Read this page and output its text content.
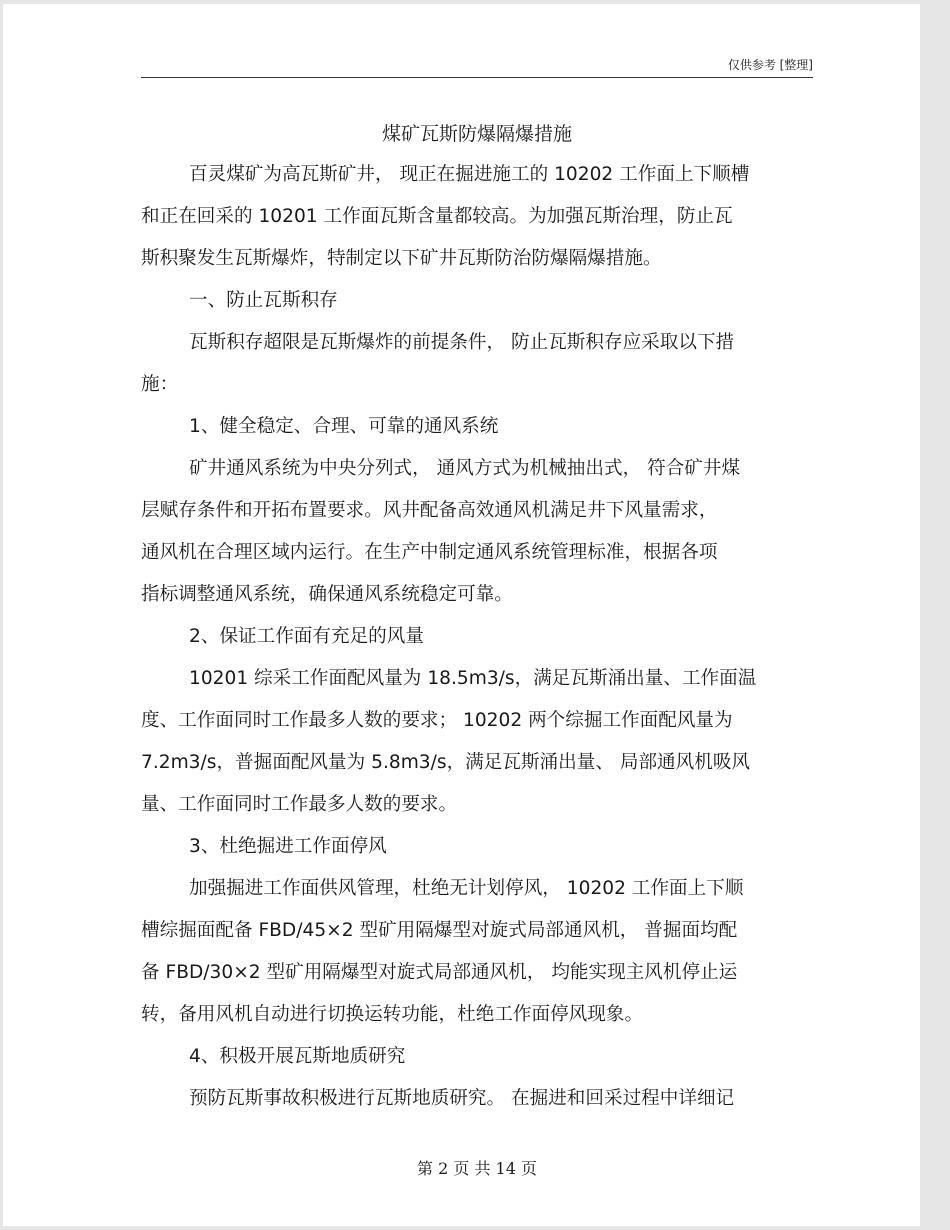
仅供参考 [整理]
煤矿瓦斯防爆隔爆措施
百灵煤矿为高瓦斯矿井， 现正在掘进施工的 10202 工作面上下顺槽
和正在回采的 10201 工作面瓦斯含量都较高。为加强瓦斯治理，防止瓦
斯积聚发生瓦斯爆炸，特制定以下矿井瓦斯防治防爆隔爆措施。
一、防止瓦斯积存
瓦斯积存超限是瓦斯爆炸的前提条件， 防止瓦斯积存应采取以下措
施：
1、健全稳定、合理、可靠的通风系统
矿井通风系统为中央分列式， 通风方式为机械抽出式， 符合矿井煤
层赋存条件和开拓布置要求。风井配备高效通风机满足井下风量需求，
通风机在合理区域内运行。在生产中制定通风系统管理标准，根据各项
指标调整通风系统，确保通风系统稳定可靠。
2、保证工作面有充足的风量
10201 综采工作面配风量为 18.5m3/s，满足瓦斯涌出量、工作面温
度、工作面同时工作最多人数的要求； 10202 两个综掘工作面配风量为
7.2m3/s，普掘面配风量为 5.8m3/s，满足瓦斯涌出量、 局部通风机吸风
量、工作面同时工作最多人数的要求。
3、杜绝掘进工作面停风
加强掘进工作面供风管理，杜绝无计划停风， 10202 工作面上下顺
槽综掘面配备 FBD/45×2 型矿用隔爆型对旋式局部通风机， 普掘面均配
备 FBD/30×2 型矿用隔爆型对旋式局部通风机， 均能实现主风机停止运
转，备用风机自动进行切换运转功能，杜绝工作面停风现象。
4、积极开展瓦斯地质研究
预防瓦斯事故积极进行瓦斯地质研究。 在掘进和回采过程中详细记
第 2 页 共 14 页
